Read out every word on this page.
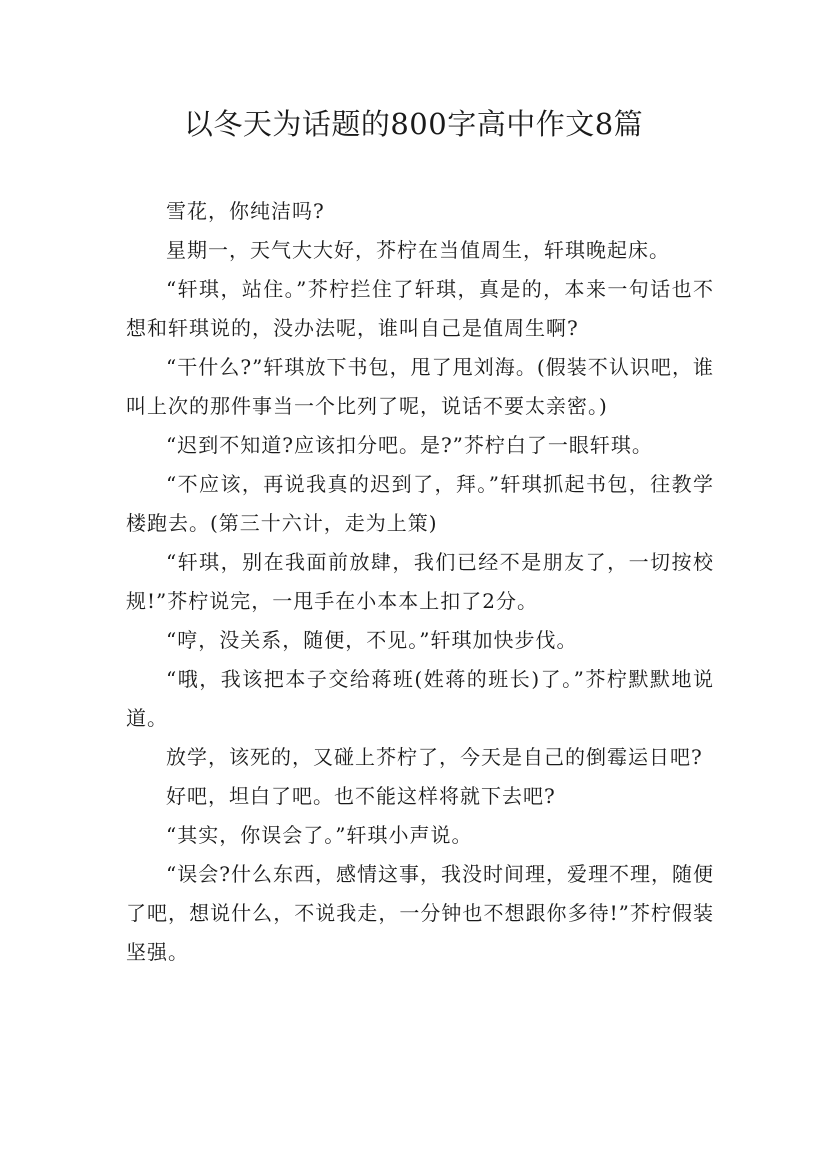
以冬天为话题的800字高中作文8篇

雪花，你纯洁吗?

星期一，天气大大好，芥柠在当值周生，轩琪晚起床。

“轩琪，站住。”芥柠拦住了轩琪，真是的，本来一句话也不想和轩琪说的，没办法呢，谁叫自己是值周生啊?

“干什么?”轩琪放下书包，甩了甩刘海。(假装不认识吧，谁叫上次的那件事当一个比列了呢，说话不要太亲密。)

“迟到不知道?应该扣分吧。是?”芥柠白了一眼轩琪。

“不应该，再说我真的迟到了，拜。”轩琪抓起书包，往教学楼跑去。(第三十六计，走为上策)

“轩琪，别在我面前放肆，我们已经不是朋友了，一切按校规!”芥柠说完，一甩手在小本本上扣了2分。

“哼，没关系，随便，不见。”轩琪加快步伐。

“哦，我该把本子交给蒋班(姓蒋的班长)了。”芥柠默默地说道。

放学，该死的，又碰上芥柠了，今天是自己的倒霉运日吧?

好吧，坦白了吧。也不能这样将就下去吧?

“其实，你误会了。”轩琪小声说。

“误会?什么东西，感情这事，我没时间理，爱理不理，随便了吧，想说什么，不说我走，一分钟也不想跟你多待!”芥柠假装坚强。
